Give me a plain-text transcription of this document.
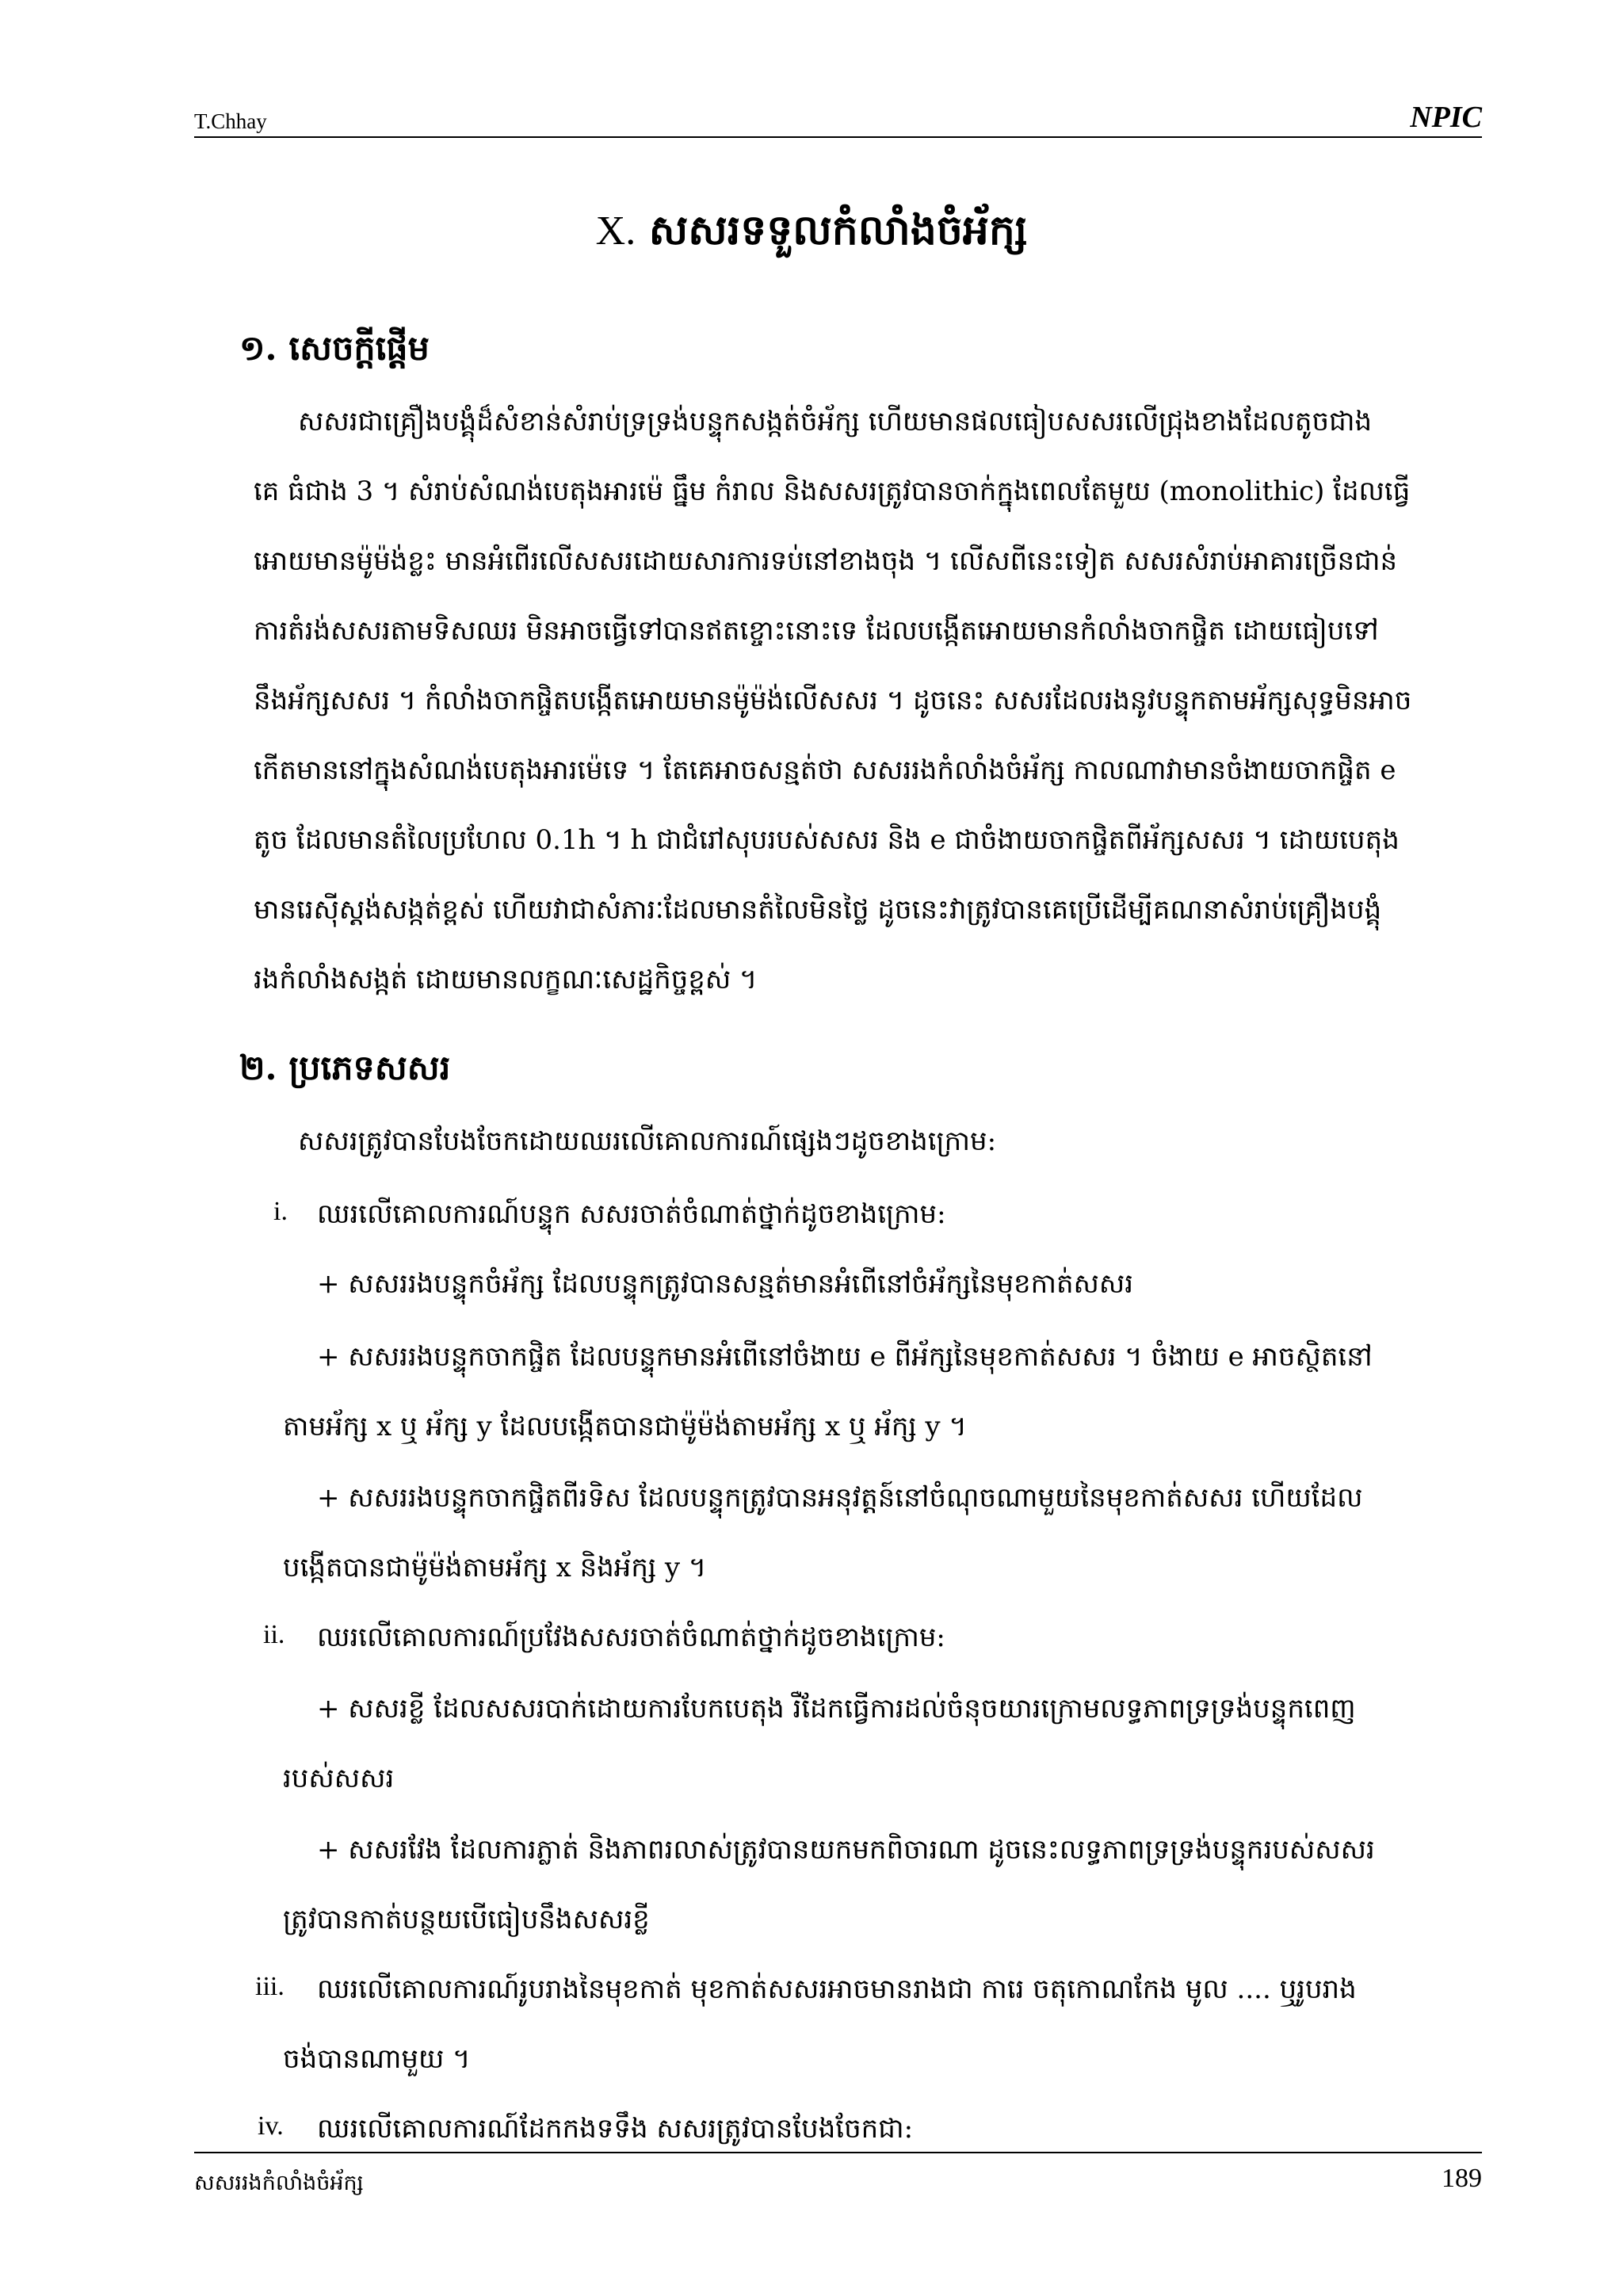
T.Chhay	NPIC
X. សសរទទួលកំលាំងចំអ័ក្ស
១. សេចក្តីផ្តើម
សសរជាគ្រឿងបង្គុំដ៏សំខាន់សំរាប់ទ្រទ្រង់បន្ទុកសង្កត់ចំអ័ក្ស ហើយមានផលធៀបសសរលើជ្រុងខាងដែលតូចជាង
គេ ធំជាង 3 ។ សំរាប់សំណង់បេតុងអារម៉េ ធ្នឹម កំរាល និងសសរត្រូវបានចាក់ក្នុងពេលតែមួយ (monolithic) ដែលធ្វើ
អោយមានម៉ូម៉ង់ខ្លះ មានអំពើរលើសសរដោយសារការទប់នៅខាងចុង ។ លើសពីនេះទៀត សសរសំរាប់អាគារច្រើនជាន់
ការតំរង់សសរតាមទិសឈរ មិនអាចធ្វើទៅបានឥតខ្ចោះនោះទេ ដែលបង្កើតអោយមានកំលាំងចាកផ្ចិត ដោយធៀបទៅ
នឹងអ័ក្សសសរ ។ កំលាំងចាកផ្ចិតបង្កើតអោយមានម៉ូម៉ង់លើសសរ ។ ដូចនេះ សសរដែលរងនូវបន្ទុកតាមអ័ក្សសុទ្ធមិនអាច
កើតមាននៅក្នុងសំណង់បេតុងអារម៉េទេ ។ តែគេអាចសន្មត់ថា សសររងកំលាំងចំអ័ក្ស កាលណាវាមានចំងាយចាកផ្ចិត e
តូច ដែលមានតំលៃប្រហែល 0.1h ។ h ជាជំរៅសុបរបស់សសរ និង e ជាចំងាយចាកផ្ចិតពីអ័ក្សសសរ ។ ដោយបេតុង
មានរេស៊ីស្តង់សង្កត់ខ្ពស់ ហើយវាជាសំភារៈដែលមានតំលៃមិនថ្លៃ ដូចនេះវាត្រូវបានគេប្រើដើម្បីគណនាសំរាប់គ្រឿងបង្គុំ
រងកំលាំងសង្កត់ ដោយមានលក្ខណៈសេដ្ឋកិច្ចខ្ពស់ ។
២. ប្រភេទសសរ
សសរត្រូវបានបែងចែកដោយឈរលើគោលការណ៍ផ្សេងៗដូចខាងក្រោម:
i. ឈរលើគោលការណ៍បន្ទុក សសរចាត់ចំណាត់ថ្នាក់ដូចខាងក្រោម:
+ សសររងបន្ទុកចំអ័ក្ស ដែលបន្ទុកត្រូវបានសន្មត់មានអំពើនៅចំអ័ក្សនៃមុខកាត់សសរ
+ សសររងបន្ទុកចាកផ្ចិត ដែលបន្ទុកមានអំពើនៅចំងាយ e ពីអ័ក្សនៃមុខកាត់សសរ ។ ចំងាយ e អាចស្ថិតនៅ
តាមអ័ក្ស x ឬ អ័ក្ស y ដែលបង្កើតបានជាម៉ូម៉ង់តាមអ័ក្ស x ឬ អ័ក្ស y ។
+ សសររងបន្ទុកចាកផ្ចិតពីរទិស ដែលបន្ទុកត្រូវបានអនុវត្តន៍នៅចំណុចណាមួយនៃមុខកាត់សសរ ហើយដែល
បង្កើតបានជាម៉ូម៉ង់តាមអ័ក្ស x និងអ័ក្ស y ។
ii. ឈរលើគោលការណ៍ប្រវែងសសរចាត់ចំណាត់ថ្នាក់ដូចខាងក្រោម:
+ សសរខ្លី ដែលសសរបាក់ដោយការបែកបេតុង រឺដែកធ្វើការដល់ចំនុចយារក្រោមលទ្ធភាពទ្រទ្រង់បន្ទុកពេញ
របស់សសរ
+ សសរវែង ដែលការភ្លាត់ និងភាពរលាស់ត្រូវបានយកមកពិចារណា ដូចនេះលទ្ធភាពទ្រទ្រង់បន្ទុករបស់សសរ
ត្រូវបានកាត់បន្ថយបើធៀបនឹងសសរខ្លី
iii. ឈរលើគោលការណ៍រូបរាងនៃមុខកាត់ មុខកាត់សសរអាចមានរាងជា ការេ ចតុកោណកែង មូល .... ឬរូបរាង
ចង់បានណាមួយ ។
iv. ឈរលើគោលការណ៍ដែកកងទទឹង សសរត្រូវបានបែងចែកជា:
សសររងកំលាំងចំអ័ក្ស	189
